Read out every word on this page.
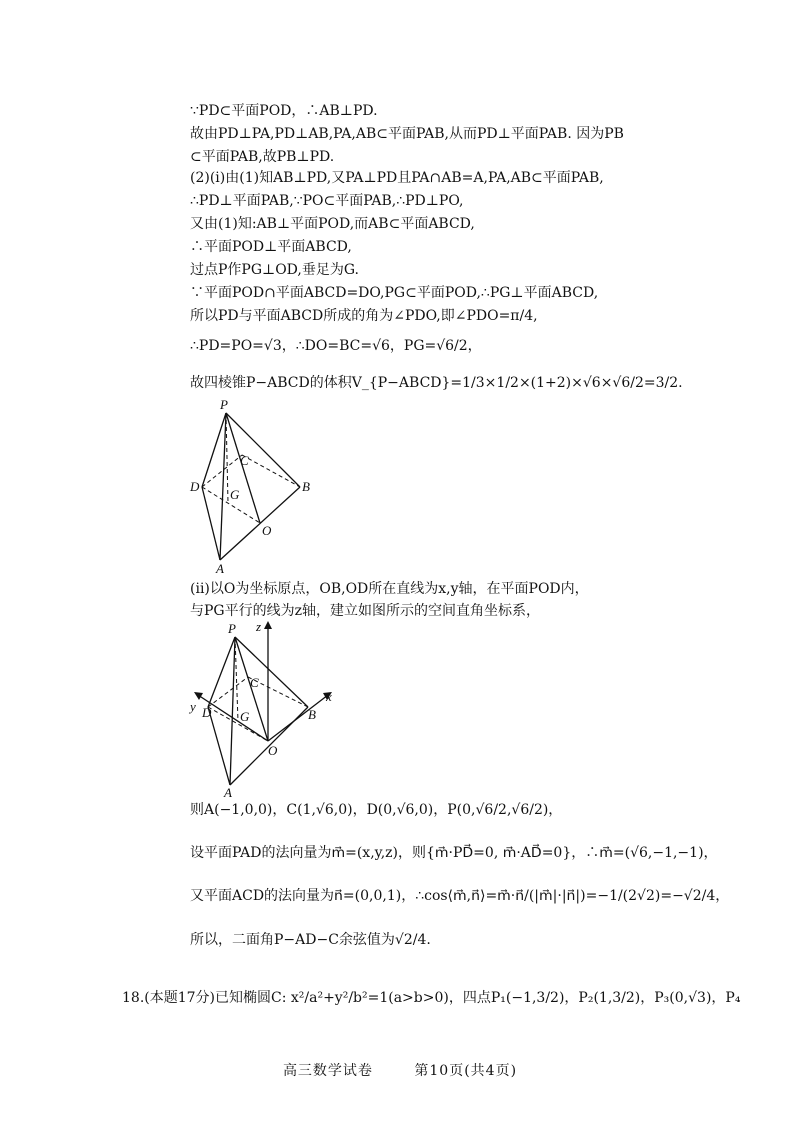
∵PD⊂平面POD，∴AB⊥PD.
故由PD⊥PA,PD⊥AB,PA,AB⊂平面PAB,从而PD⊥平面PAB. 因为PB
⊂平面PAB,故PB⊥PD.
(2)(ⅰ)由(1)知AB⊥PD,又PA⊥PD且PA∩AB=A,PA,AB⊂平面PAB,
∴PD⊥平面PAB,∵PO⊂平面PAB,∴PD⊥PO,
又由(1)知:AB⊥平面POD,而AB⊂平面ABCD,
∴平面POD⊥平面ABCD,
过点P作PG⊥OD,垂足为G.
∵平面POD∩平面ABCD=DO,PG⊂平面POD,∴PG⊥平面ABCD,
所以PD与平面ABCD所成的角为∠PDO,即∠PDO=π/4,
∴PD=PO=√3，∴DO=BC=√6，PG=√6/2，
故四棱锥P−ABCD的体积V_{P−ABCD}=1/3×1/2×(1+2)×√6×√6/2=3/2.
P
C
D
G
B
O
A
(ⅱ)以O为坐标原点，OB,OD所在直线为x,y轴，在平面POD内，
与PG平行的线为z轴，建立如图所示的空间直角坐标系，
P z
C
y D G	B
x
O
A
则A(−1,0,0)，C(1,√6,0)，D(0,√6,0)，P(0,√6/2,√6/2)，
设平面PAD的法向量为m⃗=(x,y,z)，则{m⃗·PD⃗=0, m⃗·AD⃗=0}，∴m⃗=(√6,−1,−1)，
又平面ACD的法向量为n⃗=(0,0,1)，∴cos⟨m⃗,n⃗⟩=m⃗·n⃗/(|m⃗|·|n⃗|)=−1/(2√2)=−√2/4，
所以，二面角P−AD−C余弦值为√2/4.
18.(本题17分)已知椭圆C: x²/a²+y²/b²=1(a>b>0)，四点P₁(−1,3/2)，P₂(1,3/2)，P₃(0,√3)，P₄
高三数学试卷	第10页(共4页)
